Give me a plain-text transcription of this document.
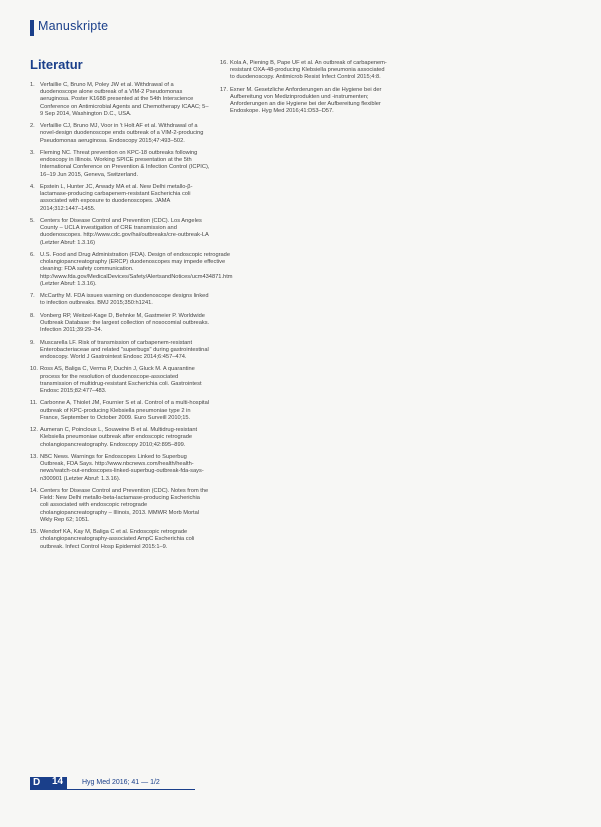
Manuskripte
Literatur
1. Verfaillie C, Bruno M, Poley JW et al. Withdrawal of a duodenoscope alone outbreak of a VIM-2 Pseudomonas aeruginosa. Poster K1688 presented at the 54th Interscience Conference on Antimicrobial Agents and Chemotherapy ICAAC; 5–9 Sep 2014, Washington D.C., USA.
2. Verfaillie CJ, Bruno MJ, Voor in 't Holt AF et al. Withdrawal of a novel-design duodenoscope ends outbreak of a VIM-2-producing Pseudomonas aeruginosa. Endoscopy 2015;47:493–502.
3. Fleming NC. Threat prevention on KPC-18 outbreaks following endoscopy in Illinois. Working SPICE presentation at the 5th International Conference on Prevention & Infection Control (ICPIC), 16–19 Jun 2015, Geneva, Switzerland.
4. Epstein L, Hunter JC, Arwady MA et al. New Delhi metallo-β-lactamase-producing carbapenem-resistant Escherichia coli associated with exposure to duodenoscopes. JAMA 2014;312:1447–1455.
5. Centers for Disease Control and Prevention (CDC). Los Angeles County – UCLA investigation of CRE transmission and duodenoscopes. http://www.cdc.gov/hai/outbreaks/cre-outbreak-LA (Letzter Abruf: 1.3.16)
6. U.S. Food and Drug Administration (FDA). Design of endoscopic retrograde cholangiopancreatography (ERCP) duodenoscopes may impede effective cleaning: FDA safety communication. http://www.fda.gov/MedicalDevices/Safety/AlertsandNotices/ucm434871.htm (Letzter Abruf: 1.3.16).
7. McCarthy M. FDA issues warning on duodenoscope designs linked to infection outbreaks. BMJ 2015;350:h1241.
8. Vonberg RP, Weitzel-Kage D, Behnke M, Gastmeier P. Worldwide Outbreak Database: the largest collection of nosocomial outbreaks. Infection 2011;39:29–34.
9. Muscarella LF. Risk of transmission of carbapenem-resistant Enterobacteriaceae and related "superbugs" during gastrointestinal endoscopy. World J Gastrointest Endosc 2014;6:457–474.
10. Ross AS, Baliga C, Verma P, Duchin J, Gluck M. A quarantine process for the resolution of duodenoscope-associated transmission of multidrug-resistant Escherichia coli. Gastrointest Endosc 2015;82:477–483.
11. Carbonne A, Thiolet JM, Fournier S et al. Control of a multi-hospital outbreak of KPC-producing Klebsiella pneumoniae type 2 in France, September to October 2009. Euro Surveill 2010;15.
12. Aumeran C, Poincloux L, Souweine B et al. Multidrug-resistant Klebsiella pneumoniae outbreak after endoscopic retrograde cholangiopancreatography. Endoscopy 2010;42:895–899.
13. NBC News. Warnings for Endoscopes Linked to Superbug Outbreak, FDA Says. http://www.nbcnews.com/health/health-news/watch-out-endoscopes-linked-superbug-outbreak-fda-says-n300901 (Letzter Abruf: 1.3.16).
14. Centers for Disease Control and Prevention (CDC). Notes from the Field: New Delhi metallo-beta-lactamase-producing Escherichia coli associated with endoscopic retrograde cholangiopancreatography – Illinois, 2013. MMWR Morb Mortal Wkly Rep 62; 1051.
15. Wendorf KA, Kay M, Baliga C et al. Endoscopic retrograde cholangiopancreatography-associated AmpC Escherichia coli outbreak. Infect Control Hosp Epidemiol 2015:1–9.
16. Kola A, Piening B, Pape UF et al. An outbreak of carbapenem-resistant OXA-48-producing Klebsiella pneumonia associated to duodenoscopy. Antimicrob Resist Infect Control 2015;4:8.
17. Exner M. Gesetzliche Anforderungen an die Hygiene bei der Aufbereitung von Medizinprodukten und -instrumenten; Anforderungen an die Hygiene bei der Aufbereitung flexibler Endoskope. Hyg Med 2016;41:D53–D57.
D 14	Hyg Med 2016; 41 — 1/2
